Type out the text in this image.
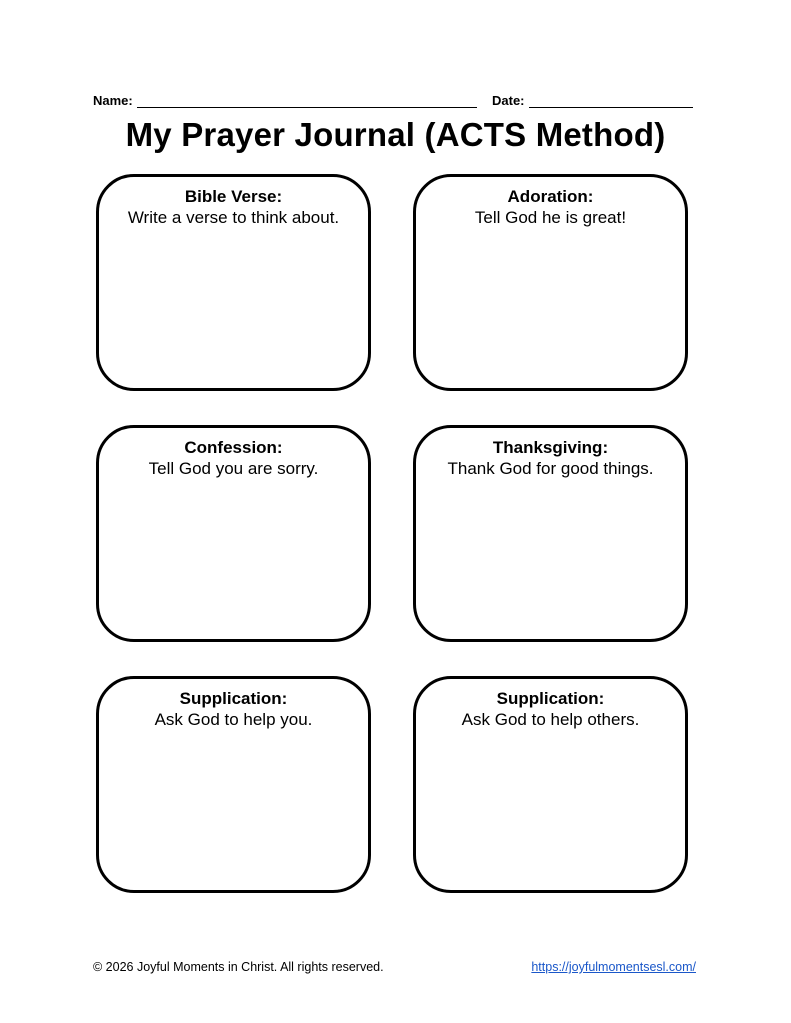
Name:	Date:
My Prayer Journal (ACTS Method)
Bible Verse:
Write a verse to think about.
Adoration:
Tell God he is great!
Confession:
Tell God you are sorry.
Thanksgiving:
Thank God for good things.
Supplication:
Ask God to help you.
Supplication:
Ask God to help others.
© 2026 Joyful Moments in Christ. All rights reserved.	https://joyfulmomentsesl.com/
